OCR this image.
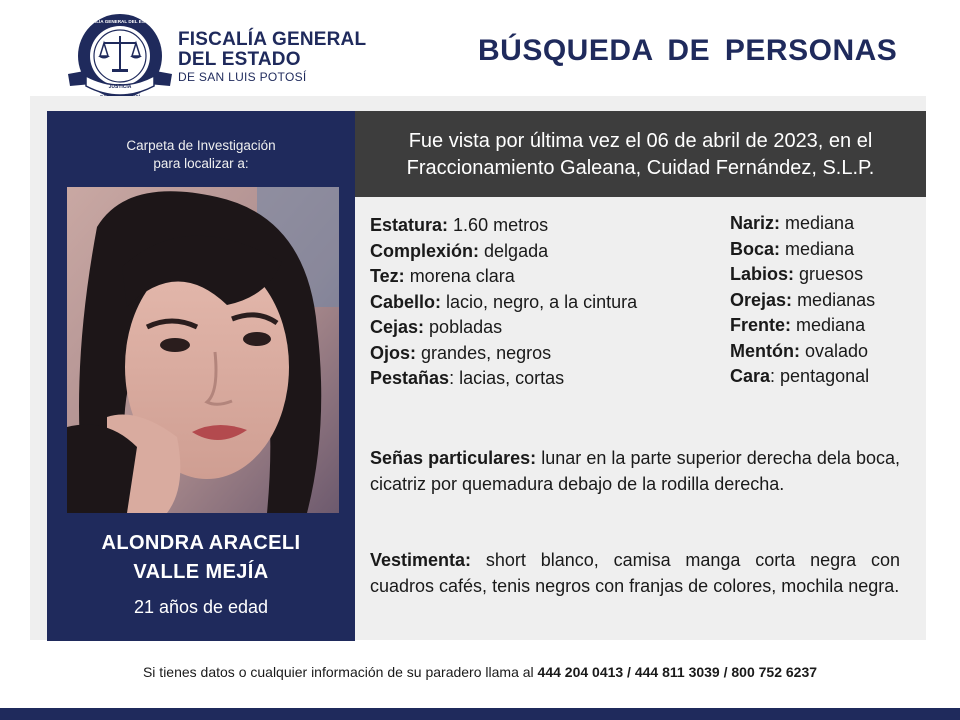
JUSTICIA
FISCALÍA GENERAL DEL ESTADO
FISCALÍA GENERAL
DEL ESTADO
DE SAN LUIS POTOSÍ
BÚSQUEDA DE PERSONAS
Carpeta de Investigación
para localizar a:
ALONDRA ARACELI
VALLE MEJÍA
21 años de edad
Fue vista por última vez el 06 de abril de 2023, en el
Fraccionamiento Galeana, Cuidad Fernández, S.L.P.
Estatura: 1.60 metros
Complexión: delgada
Tez: morena clara
Cabello: lacio, negro, a la cintura
Cejas: pobladas
Ojos: grandes, negros
Pestañas: lacias, cortas
Nariz: mediana
Boca: mediana
Labios: gruesos
Orejas: medianas
Frente: mediana
Mentón: ovalado
Cara: pentagonal
Señas particulares: lunar en la parte superior derecha dela boca, cicatriz por quemadura debajo de la rodilla derecha.
Vestimenta: short blanco, camisa manga corta negra con cuadros cafés, tenis negros con franjas de colores, mochila negra.
Si tienes datos o cualquier información de su paradero llama al 444 204 0413 / 444 811 3039 / 800 752 6237
